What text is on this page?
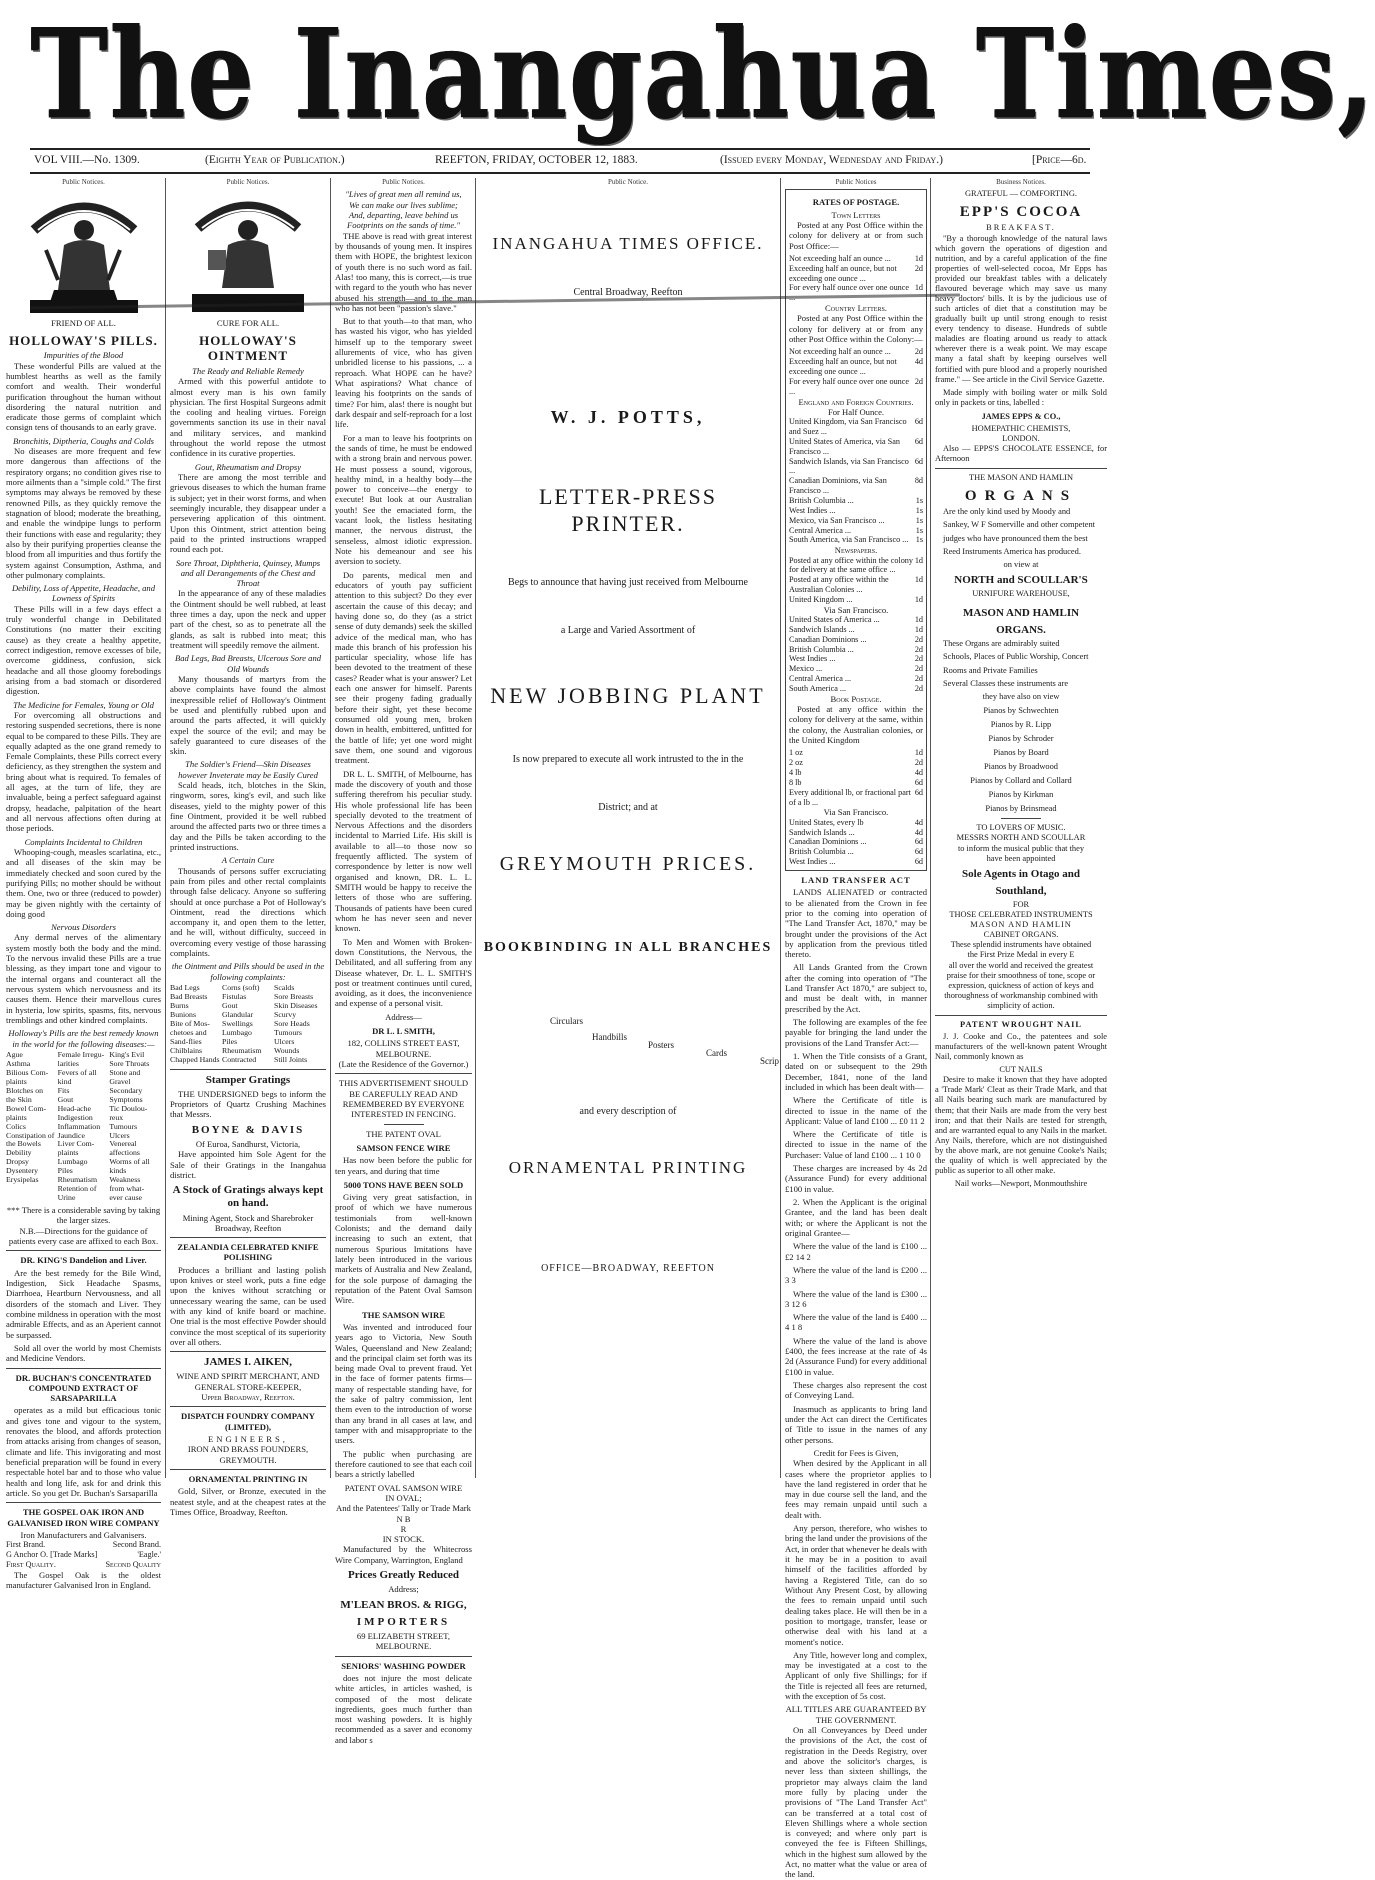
The Inangahua Times,
VOL VIII.—No. 1309.	(Eighth Year of Publication.)	REEFTON, FRIDAY, OCTOBER 12, 1883.	(Issued every Monday, Wednesday and Friday.)	[Price—6d.
Public Notices.
FRIEND OF ALL.
HOLLOWAY'S PILLS.
Impurities of the Blood

These wonderful Pills are valued at the humblest hearths as well as the family comfort and wealth. Their wonderful purification throughout the human without disordering the natural nutrition and eradicate those germs of complaint which consign tens of thousands to an early grave.

Bronchitis, Diptheria, Coughs and Colds

No diseases are more frequent and few more dangerous than affections of the respiratory organs; no condition gives rise to more ailments than a "simple cold." The first symptoms may always be removed by these renowned Pills, as they quickly remove the stagnation of blood; moderate the breathing, and enable the windpipe lungs to perform their functions with ease and regularity; they also by their purifying properties cleanse the blood from all impurities and thus fortify the system against Consumption, Asthma, and other pulmonary complaints.

Debility, Loss of Appetite, Headache, and Lowness of Spirits

These Pills will in a few days effect a truly wonderful change in Debilitated Constitutions (no matter their exciting cause) as they create a healthy appetite, correct indigestion, remove excesses of bile, overcome giddiness, confusion, sick headache and all those gloomy forebodings arising from a bad stomach or disordered digestion.

The Medicine for Females, Young or Old

For overcoming all obstructions and restoring suspended secretions, there is none equal to be compared to these Pills. They are equally adapted as the one grand remedy to Female Complaints, these Pills correct every deficiency, as they strengthen the system and bring about what is required. To females of all ages, at the turn of life, they are invaluable, being a perfect safeguard against dropsy, headache, palpitation of the heart and all nervous affections often during at those periods.

Complaints Incidental to Children

Whooping-cough, measles scarlatina, etc., and all diseases of the skin may be immediately checked and soon cured by the purifying Pills; no mother should be without them. One, two or three (reduced to powder) may be given nightly with the certainty of doing good

Nervous Disorders

Any dermal nerves of the alimentary system mostly both the body and the mind. To the nervous invalid these Pills are a true blessing, as they impart tone and vigour to the internal organs and counteract all the nervous system which nervousness and its causes them. Hence their marvellous cures in hysteria, low spirits, spasms, fits, nervous tremblings and other kindred complaints.

Holloway's Pills are the best remedy known in the world for the following diseases:—
Ague	Female Irregu- King's Evil
Asthma	larities	Sore Throats
Bilious Com-	Fevers of all	Stone and
plaints	kind	Gravel
Blotches on	Fits	Secondary
the Skin	Gout	Symptoms
Bowel Com-	Head-ache	Tic Doulou-
plaints	Indigestion	reux
Colics	Inflammation	Tumours
Constipation of Jaundice	Ulcers
the Bowels	Liver Com-	Venereal
Debility	plaints	affections
Dropsy	Lumbago	Worms of all
Dysentery	Piles	kinds
Erysipelas	Rheumatism	Weakness
Retention of	from what-
Urine	ever cause
*** There is a considerable saving by taking the larger sizes.
N.B.—Directions for the guidance of patients every case are affixed to each Box.
DR. KING'S Dandelion and Liver.

Are the best remedy for the Bile Wind, Indigestion, Sick Headache Spasms, Diarrhoea, Heartburn Nervousness, and all disorders of the stomach and Liver. They combine mildness in operation with the most admirable Effects, and as an Aperient cannot be surpassed.

Sold all over the world by most Chemists and Medicine Vendors.

DR. BUCHAN'S CONCENTRATED COMPOUND EXTRACT OF SARSAPARILLA

operates as a mild but efficacious tonic and gives tone and vigour to the system, renovates the blood, and affords protection from attacks arising from changes of season, climate and life. This invigorating and most beneficial preparation will be found in every respectable hotel bar and to those who value health and long life, ask for and drink this article. So you get Dr. Buchan's Sarsaparilla

THE GOSPEL OAK IRON AND GALVANISED IRON WIRE COMPANY
Iron Manufacturers and Galvanisers.
First Brand.	Second Brand.
G Anchor O. [Trade Marks]	'Eagle.'
First Quality.	Second Quality

The Gospel Oak is the oldest manufacturer Galvanised Iron in England.

Public Notices.
CURE FOR ALL.
HOLLOWAY'S OINTMENT
The Ready and Reliable Remedy

Armed with this powerful antidote to almost every man is his own family physician. The first Hospital Surgeons admit the cooling and healing virtues. Foreign governments sanction its use in their naval and military services, and mankind throughout the world repose the utmost confidence in its curative properties.

Gout, Rheumatism and Dropsy

There are among the most terrible and grievous diseases to which the human frame is subject; yet in their worst forms, and when seemingly incurable, they disappear under a persevering application of this ointment. Upon this Ointment, strict attention being paid to the printed instructions wrapped round each pot.

Sore Throat, Diphtheria, Quinsey, Mumps and all Derangements of the Chest and Throat

In the appearance of any of these maladies the Ointment should be well rubbed, at least three times a day, upon the neck and upper part of the chest, so as to penetrate all the glands, as salt is rubbed into meat; this treatment will speedily remove the ailment.

Bad Legs, Bad Breasts, Ulcerous Sore and Old Wounds

Many thousands of martyrs from the above complaints have found the almost inexpressible relief of Holloway's Ointment be used and plentifully rubbed upon and around the parts affected, it will quickly expel the source of the evil; and may be safely guaranteed to cure diseases of the skin.

The Soldier's Friend—Skin Diseases however Inveterate may be Easily Cured

Scald heads, itch, blotches in the Skin, ringworm, sores, king's evil, and such like diseases, yield to the mighty power of this fine Ointment, provided it be well rubbed around the affected parts two or three times a day and the Pills be taken according to the printed instructions.

A Certain Cure

Thousands of persons suffer excruciating pain from piles and other rectal complaints through false delicacy. Anyone so suffering should at once purchase a Pot of Holloway's Ointment, read the directions which accompany it, and open them to the letter, and he will, without difficulty, succeed in overcoming every vestige of those harassing complaints.

the Ointment and Pills should be used in the following complaints:
Bad Legs	Corns (soft)	Scalds
Bad Breasts	Fistulas	Sore Breasts
Burns	Gout	Skin Diseases
Bunions	Glandular	Scurvy
Bite of Mos-	Swellings	Sore Heads
chetoes and	Lumbago	Tumours
Sand-flies	Piles	Ulcers
Chilblains	Rheumatism	Wounds
Chapped Hands Contracted	Still Joints
Stamper Gratings

THE UNDERSIGNED begs to inform the Proprietors of Quartz Crushing Machines that Messrs.

BOYNE & DAVIS
Of Euroa, Sandhurst, Victoria,

Have appointed him Sole Agent for the Sale of their Gratings in the Inangahua district.

A Stock of Gratings always kept on hand.
Mining Agent, Stock and Sharebroker Broadway, Reefton
ZEALANDIA CELEBRATED KNIFE POLISHING

Produces a brilliant and lasting polish upon knives or steel work, puts a fine edge upon the knives without scratching or unnecessary wearing the same, can be used with any kind of knife board or machine. One trial is the most effective Powder should convince the most sceptical of its superiority over all others.

JAMES I. AIKEN,
WINE AND SPIRIT MERCHANT, AND GENERAL STORE-KEEPER,
Upper Broadway, Reefton.
DISPATCH FOUNDRY COMPANY (LIMITED),
ENGINEERS,
IRON AND BRASS FOUNDERS,
GREYMOUTH.
ORNAMENTAL PRINTING IN

Gold, Silver, or Bronze, executed in the neatest style, and at the cheapest rates at the Times Office, Broadway, Reefton.

Public Notices.
"Lives of great men all remind us,
We can make our lives sublime;
And, departing, leave behind us
Footprints on the sands of time."

THE above is read with great interest by thousands of young men. It inspires them with HOPE, the brightest lexicon of youth there is no such word as fail. Alas! too many, this is correct,—is true with regard to the youth who has never abused his strength—and to the man who has not been "passion's slave."

But to that youth—to that man, who has wasted his vigor, who has yielded himself up to the temporary sweet allurements of vice, who has given unbridled license to his passions, ... a reproach. What HOPE can he have? What aspirations? What chance of leaving his footprints on the sands of time? For him, alas! there is nought but dark despair and self-reproach for a lost life.

For a man to leave his footprints on the sands of time, he must be endowed with a strong brain and nervous power. He must possess a sound, vigorous, healthy mind, in a healthy body—the power to conceive—the energy to execute! But look at our Australian youth! See the emaciated form, the vacant look, the listless hesitating manner, the nervous distrust, the senseless, almost idiotic expression. Note his demeanour and see his aversion to society.

Do parents, medical men and educators of youth pay sufficient attention to this subject? Do they ever ascertain the cause of this decay; and having done so, do they (as a strict sense of duty demands) seek the skilled advice of the medical man, who has made this branch of his profession his particular speciality, whose life has been devoted to the treatment of these cases? Reader what is your answer? Let each one answer for himself. Parents see their progeny fading gradually before their sight, yet these become consumed old young men, broken down in health, embittered, unfitted for the battle of life; yet one word might save them, one sound and vigorous treatment.

DR L. L. SMITH, of Melbourne, has made the discovery of youth and those suffering therefrom his peculiar study. His whole professional life has been specially devoted to the treatment of Nervous Affections and the disorders incidental to Married Life. His skill is available to all—to those now so frequently afflicted. The system of correspondence by letter is now well organised and known, DR. L. L. SMITH would be happy to receive the letters of those who are suffering. Thousands of patients have been cured whom he has never seen and never known.

To Men and Women with Broken-down Constitutions, the Nervous, the Debilitated, and all suffering from any Disease whatever, Dr. L. L. SMITH'S post or treatment continues until cured, avoiding, as it does, the inconvenience and expense of a personal visit.

Address—
DR L. L SMITH,
182, COLLINS STREET EAST,
MELBOURNE.
(Late the Residence of the Governor.)
THIS ADVERTISEMENT SHOULD BE CAREFULLY READ AND REMEMBERED BY EVERYONE INTERESTED IN FENCING.
THE PATENT OVAL
SAMSON FENCE WIRE

Has now been before the public for ten years, and during that time

5000 TONS HAVE BEEN SOLD

Giving very great satisfaction, in proof of which we have numerous testimonials from well-known Colonists; and the demand daily increasing to such an extent, that numerous Spurious Imitations have lately been introduced in the various markets of Australia and New Zealand, for the sole purpose of damaging the reputation of the Patent Oval Samson Wire.

THE SAMSON WIRE

Was invented and introduced four years ago to Victoria, New South Wales, Queensland and New Zealand; and the principal claim set forth was its being made Oval to prevent fraud. Yet in the face of former patents firms—many of respectable standing have, for the sake of paltry commission, lent them even to the introduction of worse than any brand in all cases at law, and tamper with and misappropriate to the users.

The public when purchasing are therefore cautioned to see that each coil bears a strictly labelled

PATENT OVAL SAMSON WIRE
IN OVAL;
And the Patentees' Tally or Trade Mark
N B
R
IN STOCK.

Manufactured by the Whitecross Wire Company, Warrington, England

Prices Greatly Reduced
Address;
M'LEAN BROS. & RIGG,
IMPORTERS
69 ELIZABETH STREET, MELBOURNE.
SENIORS' WASHING POWDER

does not injure the most delicate white articles, in articles washed, is composed of the most delicate ingredients, goes much further than most washing powders. It is highly recommended as a saver and economy and labor s

Public Notice.
INANGAHUA TIMES OFFICE.
Central Broadway, Reefton
W. J. POTTS,
LETTER-PRESS PRINTER.
Begs to announce that having just received from Melbourne
a Large and Varied Assortment of
NEW JOBBING PLANT
Is now prepared to execute all work intrusted to the in the
District; and at
GREYMOUTH PRICES.
BOOKBINDING IN ALL BRANCHES
Circulars
Handbills
Posters
Cards
Scrip
and every description of
ORNAMENTAL PRINTING
OFFICE—BROADWAY, REEFTON
Public Notices
RATES OF POSTAGE.
Town Letters

Posted at any Post Office within the colony for delivery at or from such Post Office:—

Not exceeding half an ounce ...	1d
Exceeding half an ounce, but not exceeding one ounce ...
2d
For every half ounce over one ounce 1d
Country Letters.

Posted at any Post Office within the colony for delivery at or from any other Post Office within the Colony:—

Not exceeding half an ounce ...	2d
Exceeding half an ounce, but not exceeding one ounce ...
4d
For every half ounce over one ounce ...
2d
England and Foreign Countries.
For Half Ounce.
United Kingdom, via San Francisco and Suez ...
6d
United States of America, via San Francisco ...
6d
Sandwich Islands, via San Francisco ...
6d
Canadian Dominions, via San Francisco ...
8d
British Columbia ...	1s
West Indies ...	1s
Mexico, via San Francisco ...	1s
Central America ...	1s
South America, via San Francisco ... 1s
Newspapers.
Posted at any office within the colony for delivery at the same office ...
1d
Posted at any office within the Australian Colonies ...
1d
United Kingdom ...	1d
Via San Francisco.
United States of America ...	1d
Sandwich Islands ...	1d
Canadian Dominions ...	2d
British Columbia ...	2d
West Indies ...	2d
Mexico ...	2d
Central America ...	2d
South America ...	2d
Book Postage.

Posted at any office within the colony for delivery at the same, within the colony, the Australian colonies, or the United Kingdom

1 oz	1d
2 oz	2d
4 lb	4d
8 lb	6d
Every additional lb, or fractional part of a lb ...
6d
Via San Francisco.
United States, every lb	4d
Sandwich Islands ...	4d
Canadian Dominions ...	6d
British Columbia ...	6d
West Indies ...	6d
LAND TRANSFER ACT

LANDS ALIENATED or contracted to be alienated from the Crown in fee prior to the coming into operation of "The Land Transfer Act, 1870," may be brought under the provisions of the Act by application from the previous titled thereto.

All Lands Granted from the Crown after the coming into operation of "The Land Transfer Act 1870," are subject to, and must be dealt with, in manner prescribed by the Act.

The following are examples of the fee payable for bringing the land under the provisions of the Land Transfer Act:—

1. When the Title consists of a Grant, dated on or subsequent to the 29th December, 1841, none of the land included in which has been dealt with—

Where the Certificate of title is directed to issue in the name of the Applicant: Value of land £100 ... £0 11 2

Where the Certificate of title is directed to issue in the name of the Purchaser: Value of land £100 ... 1 10 0

These charges are increased by 4s 2d (Assurance Fund) for every additional £100 in value.

2. When the Applicant is the original Grantee, and the land has been dealt with; or where the Applicant is not the original Grantee—

Where the value of the land is £100 ... £2 14 2

Where the value of the land is £200 ... 3 3

Where the value of the land is £300 ... 3 12 6

Where the value of the land is £400 ... 4 1 8

Where the value of the land is above £400, the fees increase at the rate of 4s 2d (Assurance Fund) for every additional £100 in value.

These charges also represent the cost of Conveying Land.

Inasmuch as applicants to bring land under the Act can direct the Certificates of Title to issue in the names of any other persons.

Credit for Fees is Given,

When desired by the Applicant in all cases where the proprietor applies to have the land registered in order that he may in due course sell the land, and the fees may remain unpaid until such a dealt with.

Any person, therefore, who wishes to bring the land under the provisions of the Act, in order that whenever he deals with it he may be in a position to avail himself of the facilities afforded by having a Registered Title, can do so Without Any Present Cost, by allowing the fees to remain unpaid until such dealing takes place. He will then be in a position to mortgage, transfer, lease or otherwise deal with his land at a moment's notice.

Any Title, however long and complex, may be investigated at a cost to the Applicant of only five Shillings; for if the Title is rejected all fees are returned, with the exception of 5s cost.

ALL TITLES ARE GUARANTEED BY THE GOVERNMENT.

On all Conveyances by Deed under the provisions of the Act, the cost of registration in the Deeds Registry, over and above the solicitor's charges, is never less than sixteen shillings, the proprietor may always claim the land more fully by placing under the provisions of "The Land Transfer Act" can be transferred at a total cost of Eleven Shillings where a whole section is conveyed; and where only part is conveyed the fee is Fifteen Shillings, which in the highest sum allowed by the Act, no matter what the value or area of the land.

Business Notices.
GRATEFUL — COMFORTING.
EPP'S COCOA
BREAKFAST.

"By a thorough knowledge of the natural laws which govern the operations of digestion and nutrition, and by a careful application of the fine properties of well-selected cocoa, Mr Epps has provided our breakfast tables with a delicately flavoured beverage which may save us many heavy doctors' bills. It is by the judicious use of such articles of diet that a constitution may be gradually built up until strong enough to resist every tendency to disease. Hundreds of subtle maladies are floating around us ready to attack wherever there is a weak point. We may escape many a fatal shaft by keeping ourselves well fortified with pure blood and a properly nourished frame." — See article in the Civil Service Gazette.

Made simply with boiling water or milk Sold only in packets or tins, labelled :

JAMES EPPS & CO.,
HOMEPATHIC CHEMISTS,
LONDON.

Also — EPPS'S CHOCOLATE ESSENCE, for Afternoon

THE MASON AND HAMLIN
ORGANS

Are the only kind used by Moody and

Sankey, W F Somerville and other competent

judges who have pronounced them the best

Reed Instruments America has produced.

on view at
NORTH and SCOULLAR'S
URNIFURE WAREHOUSE,
MASON AND HAMLIN
ORGANS.

These Organs are admirably suited

Schools, Places of Public Worship, Concert

Rooms and Private Families

Several Classes these instruments are

they have also on view
Pianos by Schwechten
Pianos by R. Lipp
Pianos by Schroder
Pianos by Board
Pianos by Broadwood
Pianos by Collard and Collard
Pianos by Kirkman
Pianos by Brinsmead
TO LOVERS OF MUSIC.
MESSRS NORTH AND SCOULLAR
to inform the musical public that they
have been appointed
Sole Agents in Otago and
Southland,
FOR
THOSE CELEBRATED INSTRUMENTS
MASON AND HAMLIN
CABINET ORGANS.
These splendid instruments have obtained
the First Prize Medal in every E
all over the world and received the greatest
praise for their smoothness of tone, scope or
expression, quickness of action of keys and
thoroughness of workmanship combined with
simplicity of action.
PATENT WROUGHT NAIL

J. J. Cooke and Co., the patentees and sole manufacturers of the well-known patent Wrought Nail, commonly known as

CUT NAILS

Desire to make it known that they have adopted a 'Trade Mark' Cleat as their Trade Mark, and that all Nails bearing such mark are manufactured by them; that their Nails are made from the very best iron; and that their Nails are tested for strength, and are warranted equal to any Nails in the market. Any Nails, therefore, which are not distinguished by the above mark, are not genuine Cooke's Nails; the quality of which is well appreciated by the public as superior to all other make.

Nail works—Newport, Monmouthshire
